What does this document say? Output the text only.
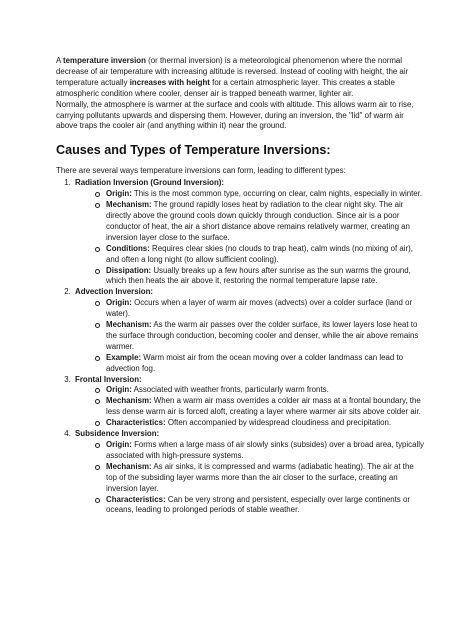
A temperature inversion (or thermal inversion) is a meteorological phenomenon where the normal decrease of air temperature with increasing altitude is reversed. Instead of cooling with height, the air temperature actually increases with height for a certain atmospheric layer. This creates a stable atmospheric condition where cooler, denser air is trapped beneath warmer, lighter air.

Normally, the atmosphere is warmer at the surface and cools with altitude. This allows warm air to rise, carrying pollutants upwards and dispersing them. However, during an inversion, the "lid" of warm air above traps the cooler air (and anything within it) near the ground.

Causes and Types of Temperature Inversions:

There are several ways temperature inversions can form, leading to different types:

1. Radiation Inversion (Ground Inversion):
Origin: This is the most common type, occurring on clear, calm nights, especially in winter.
Mechanism: The ground rapidly loses heat by radiation to the clear night sky. The air directly above the ground cools down quickly through conduction. Since air is a poor conductor of heat, the air a short distance above remains relatively warmer, creating an inversion layer close to the surface.
Conditions: Requires clear skies (no clouds to trap heat), calm winds (no mixing of air), and often a long night (to allow sufficient cooling).
Dissipation: Usually breaks up a few hours after sunrise as the sun warms the ground, which then heats the air above it, restoring the normal temperature lapse rate.
2. Advection Inversion:
Origin: Occurs when a layer of warm air moves (advects) over a colder surface (land or water).
Mechanism: As the warm air passes over the colder surface, its lower layers lose heat to the surface through conduction, becoming cooler and denser, while the air above remains warmer.
Example: Warm moist air from the ocean moving over a colder landmass can lead to advection fog.
3. Frontal Inversion:
Origin: Associated with weather fronts, particularly warm fronts.
Mechanism: When a warm air mass overrides a colder air mass at a frontal boundary, the less dense warm air is forced aloft, creating a layer where warmer air sits above colder air.
Characteristics: Often accompanied by widespread cloudiness and precipitation.
4. Subsidence Inversion:
Origin: Forms when a large mass of air slowly sinks (subsides) over a broad area, typically associated with high-pressure systems.
Mechanism: As air sinks, it is compressed and warms (adiabatic heating). The air at the top of the subsiding layer warms more than the air closer to the surface, creating an inversion layer.
Characteristics: Can be very strong and persistent, especially over large continents or oceans, leading to prolonged periods of stable weather.
